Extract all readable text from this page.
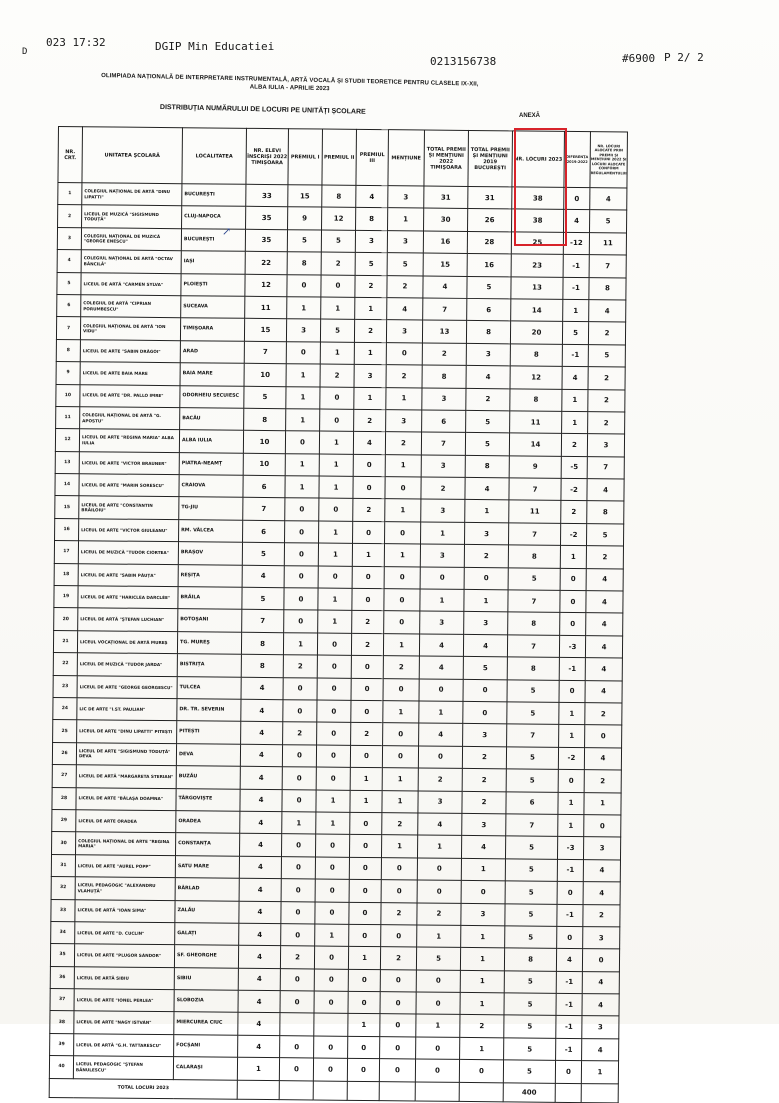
D
023 17:32	DGIP Min Educatiei
0213156738	#6900 P 2/ 2
OLIMPIADA NAȚIONALĂ DE INTERPRETARE INSTRUMENTALĂ, ARTĂ VOCALĂ ȘI STUDII TEORETICE PENTRU CLASELE IX-XII, ALBA IULIA - APRILIE 2023
DISTRIBUȚIA NUMĂRULUI DE LOCURI PE UNITĂȚI ȘCOLARE
ANEXĂ
NR. CRT.	UNITATEA ȘCOLARĂ	LOCALITATEA	NR. ELEVI ÎNSCRIȘI 2022 TIMIȘOARA	PREMIUL I	PREMIUL II	PREMIUL III	MENȚIUNE	TOTAL PREMII ȘI MENȚIUNI 2022 TIMIȘOARA	TOTAL PREMII ȘI MENȚIUNI 2019 BUCUREȘTI	NR. LOCURI 2023	DIFERENȚA 2019-2022	NR. LOCURI ALOCATE PRIN PREMII ȘI MENȚIUNI 2022 ȘI LOCURI ALOCATE CONFORM REGULAMENTULUI
1	COLEGIUL NAȚIONAL DE ARTĂ "DINU LIPATTI"	BUCUREȘTI	33	15	8	4	3	31	31	38	0	4
2	LICEUL DE MUZICĂ "SIGISMUND TODUȚĂ"	CLUJ-NAPOCA	35	9	12	8	1	30	26	38	4	5
3	COLEGIUL NAȚIONAL DE MUZICĂ "GEORGE ENESCU"	BUCUREȘTI	35	5	5	3	3	16	28	25	-12	11
4	COLEGIUL NAȚIONAL DE ARTĂ "OCTAV BĂNCILĂ"	IAȘI	22	8	2	5	5	15	16	23	-1	7
5	LICEUL DE ARTĂ "CARMEN SYLVA"	PLOIEȘTI	12	0	0	2	2	4	5	13	-1	8
6	COLEGIUL DE ARTĂ "CIPRIAN PORUMBESCU"	SUCEAVA	11	1	1	1	4	7	6	14	1	4
7	COLEGIUL NAȚIONAL DE ARTĂ "ION VIDU"	TIMIȘOARA	15	3	5	2	3	13	8	20	5	2
8	LICEUL DE ARTE "SABIN DRĂGOI"	ARAD	7	0	1	1	0	2	3	8	-1	5
9	LICEUL DE ARTE BAIA MARE	BAIA MARE	10	1	2	3	2	8	4	12	4	2
10	LICEUL DE ARTE "DR. PALLO IMRE"	ODORHEIU SECUIESC	5	1	0	1	1	3	2	8	1	2
11	COLEGIUL NAȚIONAL DE ARTĂ "G. APOSTU"	BACĂU	8	1	0	2	3	6	5	11	1	2
12	LICEUL DE ARTE "REGINA MARIA" ALBA IULIA	ALBA IULIA	10	0	1	4	2	7	5	14	2	3
13	LICEUL DE ARTE "VICTOR BRAUNER"	PIATRA-NEAMȚ	10	1	1	0	1	3	8	9	-5	7
14	LICEUL DE ARTE "MARIN SORESCU"	CRAIOVA	6	1	1	0	0	2	4	7	-2	4
15	LICEUL DE ARTE "CONSTANTIN BRĂILOIU"	TG-JIU	7	0	0	2	1	3	1	11	2	8
16	LICEUL DE ARTE "VICTOR GIULEANU"	RM. VÂLCEA	6	0	1	0	0	1	3	7	-2	5
17	LICEUL DE MUZICĂ "TUDOR CIORTEA"	BRAȘOV	5	0	1	1	1	3	2	8	1	2
18	LICEUL DE ARTE "SABIN PĂUȚA"	REȘIȚA	4	0	0	0	0	0	0	5	0	4
19	LICEUL DE ARTE "HARICLEA DARCLÉE"	BRĂILA	5	0	1	0	0	1	1	7	0	4
20	LICEUL DE ARTĂ "ȘTEFAN LUCHIAN"	BOTOȘANI	7	0	1	2	0	3	3	8	0	4
21	LICEUL VOCAȚIONAL DE ARTĂ MUREȘ	TG. MUREȘ	8	1	0	2	1	4	4	7	-3	4
22	LICEUL DE MUZICĂ "TUDOR JARDA"	BISTRIȚA	8	2	0	0	2	4	5	8	-1	4
23	LICEUL DE ARTE "GEORGE GEORGESCU"	TULCEA	4	0	0	0	0	0	0	5	0	4
24	LIC DE ARTE "I.ST. PAULIAN"	DR. TR. SEVERIN	4	0	0	0	1	1	0	5	1	2
25	LICEUL DE ARTE "DINU LIPATTI" PITEȘTI	PITEȘTI	4	2	0	2	0	4	3	7	1	0
26	LICEUL DE ARTE "SIGISMUND TODUȚĂ" DEVA	DEVA	4	0	0	0	0	0	2	5	-2	4
27	LICEUL DE ARTĂ "MARGARETA STERIAN"	BUZĂU	4	0	0	1	1	2	2	5	0	2
28	LICEUL DE ARTE "BĂLAȘA DOAMNA"	TÂRGOVIȘTE	4	0	1	1	1	3	2	6	1	1
29	LICEUL DE ARTE ORADEA	ORADEA	4	1	1	0	2	4	3	7	1	0
30	COLEGIUL NAȚIONAL DE ARTE "REGINA MARIA"	CONSTANȚA	4	0	0	0	1	1	4	5	-3	3
31	LICEUL DE ARTE "AUREL POPP"	SATU MARE	4	0	0	0	0	0	1	5	-1	4
32	LICEUL PEDAGOGIC "ALEXANDRU VLAHUȚĂ"	BÂRLAD	4	0	0	0	0	0	0	5	0	4
33	LICEUL DE ARTĂ "IOAN SIMA"	ZALĂU	4	0	0	0	2	2	3	5	-1	2
34	LICEUL DE ARTE "D. CUCLIN"	GALAȚI	4	0	1	0	0	1	1	5	0	3
35	LICEUL DE ARTE "PLUGOR SÁNDOR"	SF. GHEORGHE	4	2	0	1	2	5	1	8	4	0
36	LICEUL DE ARTĂ SIBIU	SIBIU	4	0	0	0	0	0	1	5	-1	4
37	LICEUL DE ARTE "IONEL PERLEA"	SLOBOZIA	4	0	0	0	0	0	1	5	-1	4
38	LICEUL DE ARTE "NAGY ISTVÁN"	MIERCUREA CIUC	4			1	0	1	2	5	-1	3
39	LICEUL DE ARTĂ "G.H. TATTARESCU"	FOCȘANI	4	0	0	0	0	0	1	5	-1	4
40	LICEUL PEDAGOGIC "ȘTEFAN BĂNULESCU"	CALARAȘI	1	0	0	0	0	0	0	5	0	1
TOTAL LOCURI 2023										400		
↗
